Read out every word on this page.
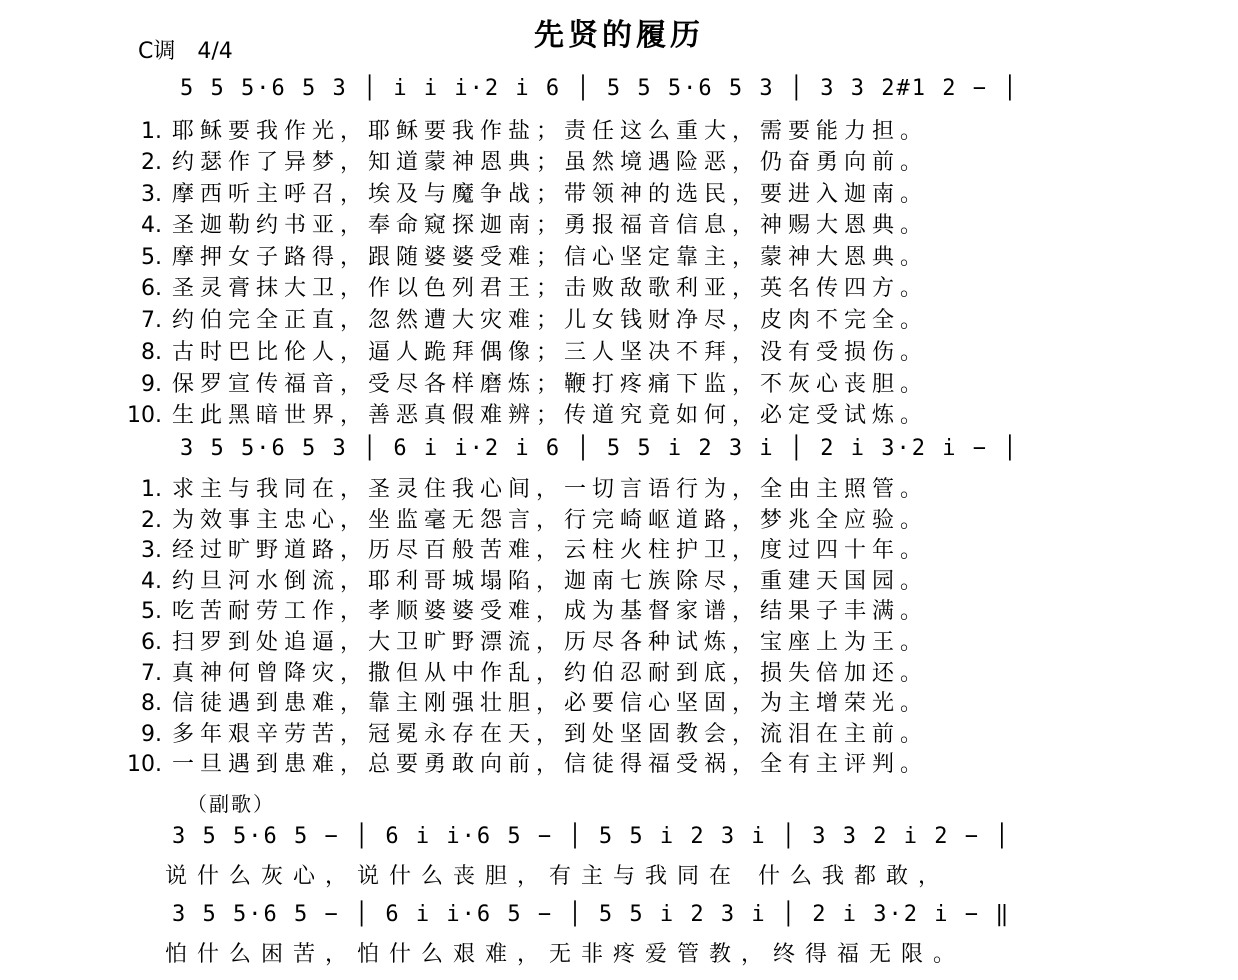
先贤的履历
C调　4/4
5 5 5·6 5 3 │ i i i·2 i 6 │ 5 5 5·6 5 3 │ 3 3 2#1 2 − │
1. 耶稣要我作光，耶稣要我作盐；责任这么重大，需要能力担。
2. 约瑟作了异梦，知道蒙神恩典；虽然境遇险恶，仍奋勇向前。
3. 摩西听主呼召，埃及与魔争战；带领神的选民，要进入迦南。
4. 圣迦勒约书亚，奉命窥探迦南；勇报福音信息，神赐大恩典。
5. 摩押女子路得，跟随婆婆受难；信心坚定靠主，蒙神大恩典。
6. 圣灵膏抹大卫，作以色列君王；击败敌歌利亚，英名传四方。
7. 约伯完全正直，忽然遭大灾难；儿女钱财净尽，皮肉不完全。
8. 古时巴比伦人，逼人跪拜偶像；三人坚决不拜，没有受损伤。
9. 保罗宣传福音，受尽各样磨炼；鞭打疼痛下监，不灰心丧胆。
10. 生此黑暗世界，善恶真假难辨；传道究竟如何，必定受试炼。
3 5 5·6 5 3 │ 6 i i·2 i 6 │ 5 5 i 2 3 i │ 2 i 3·2 i − │
1. 求主与我同在，圣灵住我心间，一切言语行为，全由主照管。
2. 为效事主忠心，坐监毫无怨言，行完崎岖道路，梦兆全应验。
3. 经过旷野道路，历尽百般苦难，云柱火柱护卫，度过四十年。
4. 约旦河水倒流，耶利哥城塌陷，迦南七族除尽，重建天国园。
5. 吃苦耐劳工作，孝顺婆婆受难，成为基督家谱，结果子丰满。
6. 扫罗到处追逼，大卫旷野漂流，历尽各种试炼，宝座上为王。
7. 真神何曾降灾，撒但从中作乱，约伯忍耐到底，损失倍加还。
8. 信徒遇到患难，靠主刚强壮胆，必要信心坚固，为主增荣光。
9. 多年艰辛劳苦，冠冕永存在天，到处坚固教会，流泪在主前。
10. 一旦遇到患难，总要勇敢向前，信徒得福受祸，全有主评判。
（副歌）
3 5 5·6 5 − │ 6 i i·6 5 − │ 5 5 i 2 3 i │ 3 3 2 i 2 − │
说什么灰心，说什么丧胆，有主与我同在 什么我都敢，
3 5 5·6 5 − │ 6 i i·6 5 − │ 5 5 i 2 3 i │ 2 i 3·2 i − ‖
怕什么困苦，怕什么艰难，无非疼爱管教，终得福无限。
